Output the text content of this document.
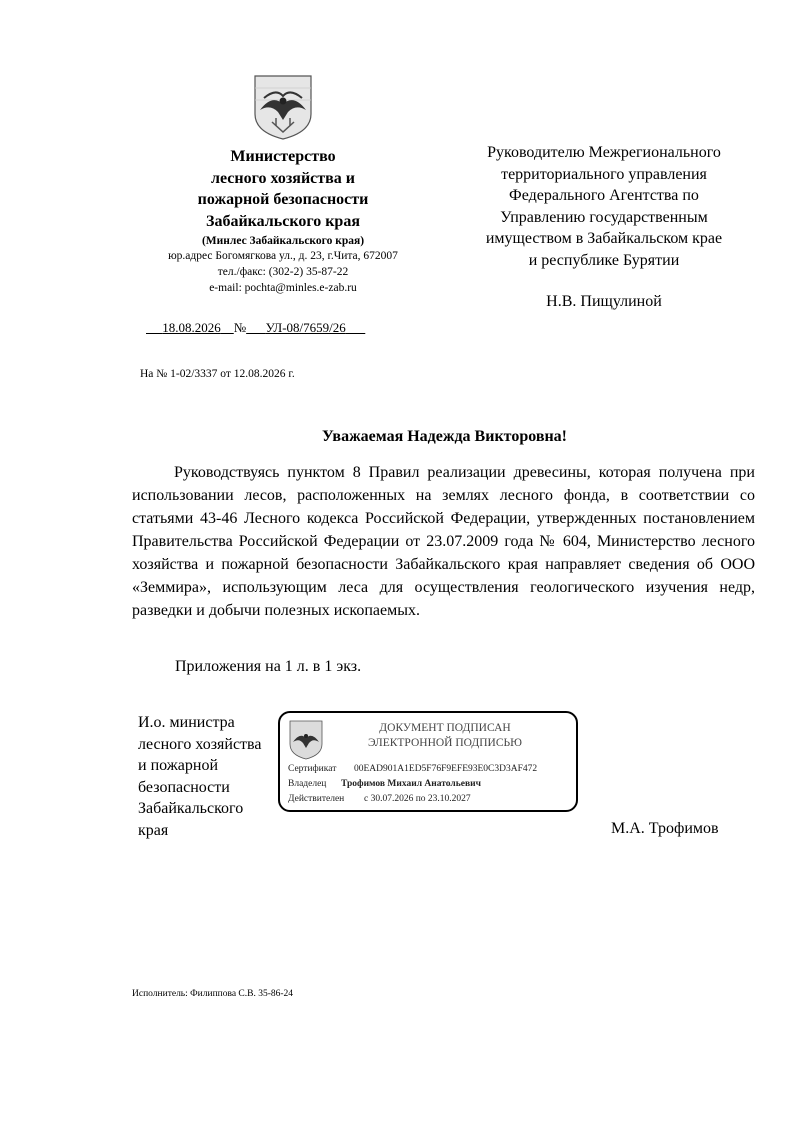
Министерство
лесного хозяйства и
пожарной безопасности
Забайкальского края
(Минлес Забайкальского края)
юр.адрес Богомягкова ул., д. 23, г.Чита, 672007
тел./факс: (302-2) 35-87-22
e-mail: pochta@minles.e-zab.ru
Руководителю Межрегионального
территориального управления
Федерального Агентства по
Управлению государственным
имуществом в Забайкальском крае
и республике Бурятии
Н.В. Пищулиной
18.08.2026 № УЛ-08/7659/26
На № 1-02/3337 от 12.08.2026 г.
Уважаемая Надежда Викторовна!
Руководствуясь пунктом 8 Правил реализации древесины, которая получена при использовании лесов, расположенных на землях лесного фонда, в соответствии со статьями 43-46 Лесного кодекса Российской Федерации, утвержденных постановлением Правительства Российской Федерации от 23.07.2009 года № 604, Министерство лесного хозяйства и пожарной безопасности Забайкальского края направляет сведения об ООО «Земмира», использующим леса для осуществления геологического изучения недр, разведки и добычи полезных ископаемых.
Приложения на 1 л. в 1 экз.
И.о. министра лесного хозяйства и пожарной безопасности Забайкальского края
ДОКУМЕНТ ПОДПИСАН
ЭЛЕКТРОННОЙ ПОДПИСЬЮ
Сертификат 00EAD901A1ED5F76F9EFE93E0C3D3AF472
Владелец Трофимов Михаил Анатольевич
Действителен с 30.07.2026 по 23.10.2027
М.А. Трофимов
Исполнитель: Филиппова С.В. 35-86-24
